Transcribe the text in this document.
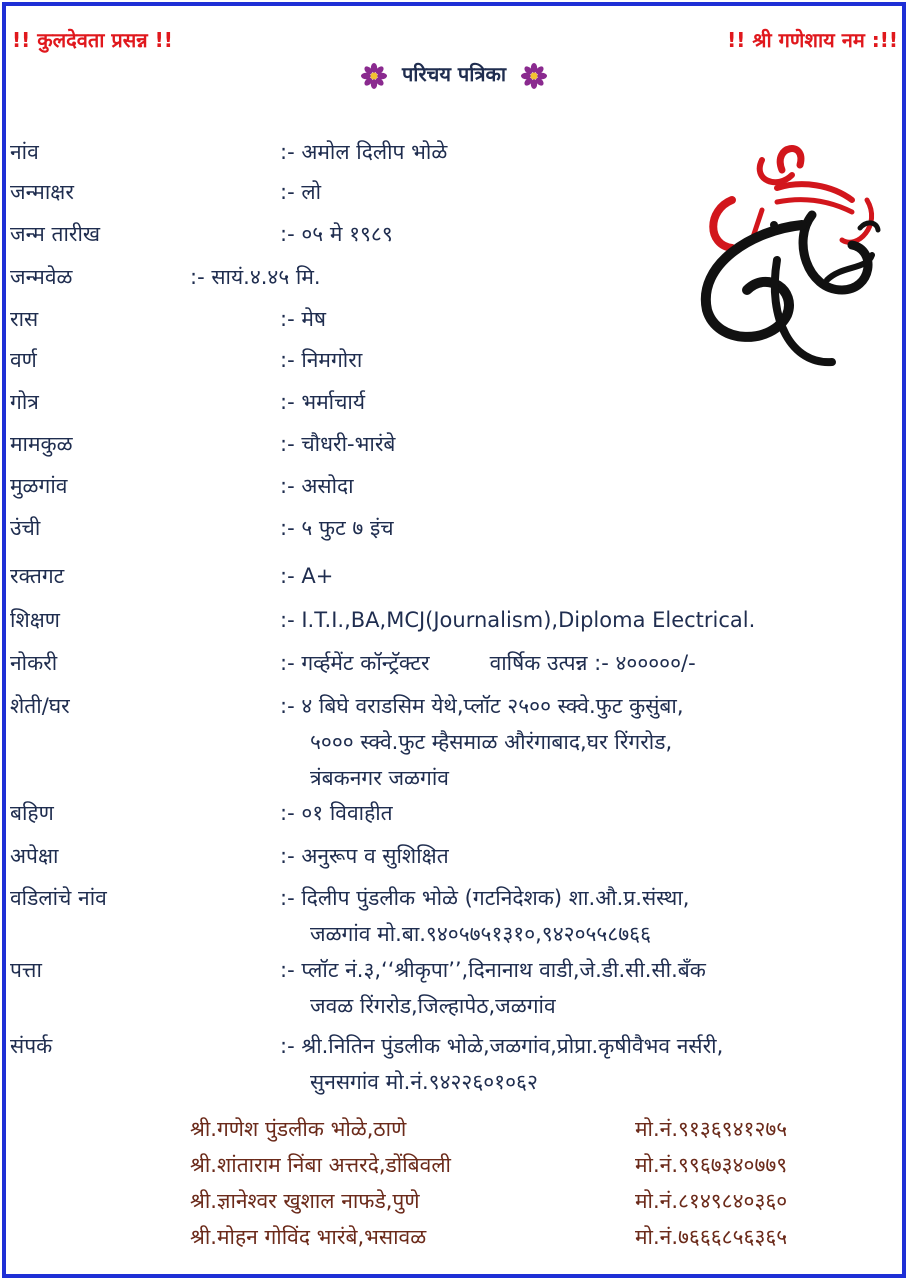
!! कुलदेवता प्रसन्न !!	!! श्री गणेशाय नम :!!
परिचय पत्रिका
नांव	:- अमोल दिलीप भोळे
जन्माक्षर	:- लो
जन्म तारीख	:- ०५ मे १९८९
जन्मवेळ	:- सायं.४.४५ मि.
रास	:- मेष
वर्ण	:- निमगोरा
गोत्र	:- भर्माचार्य
मामकुळ	:- चौधरी-भारंबे
मुळगांव	:- असोदा
उंची	:- ५ फुट ७ इंच
रक्तगट	:- A+
शिक्षण	:- I.T.I.,BA,MCJ(Journalism),Diploma Electrical.
नोकरी	:- गर्व्हमेंट कॉन्ट्रॅक्टर	वार्षिक उत्पन्न :- ४०००००/-
शेती/घर	:- ४ बिघे वराडसिम येथे,प्लॉट २५०० स्क्वे.फुट कुसुंबा,
५००० स्क्वे.फुट म्हैसमाळ औरंगाबाद,घर रिंगरोड,
त्रंबकनगर जळगांव
बहिण	:- ०१ विवाहीत
अपेक्षा	:- अनुरूप व सुशिक्षित
वडिलांचे नांव	:- दिलीप पुंडलीक भोळे (गटनिदेशक) शा.औ.प्र.संस्था,
जळगांव मो.बा.९४०५७५१३१०,९४२०५५८७६६
पत्ता	:- प्लॉट नं.३,‘‘श्रीकृपा’’,दिनानाथ वाडी,जे.डी.सी.सी.बॅंक
जवळ रिंगरोड,जिल्हापेठ,जळगांव
संपर्क	:- श्री.नितिन पुंडलीक भोळे,जळगांव,प्रोप्रा.कृषीवैभव नर्सरी,
सुनसगांव मो.नं.९४२२६०१०६२
श्री.गणेश पुंडलीक भोळे,ठाणे	मो.नं.९१३६९४१२७५
श्री.शांताराम निंबा अत्तरदे,डोंबिवली	मो.नं.९९६७३४०७७९
श्री.ज्ञानेश्वर खुशाल नाफडे,पुणे	मो.नं.८१४९८४०३६०
श्री.मोहन गोविंद भारंबे,भसावळ	मो.नं.७६६६८५६३६५
